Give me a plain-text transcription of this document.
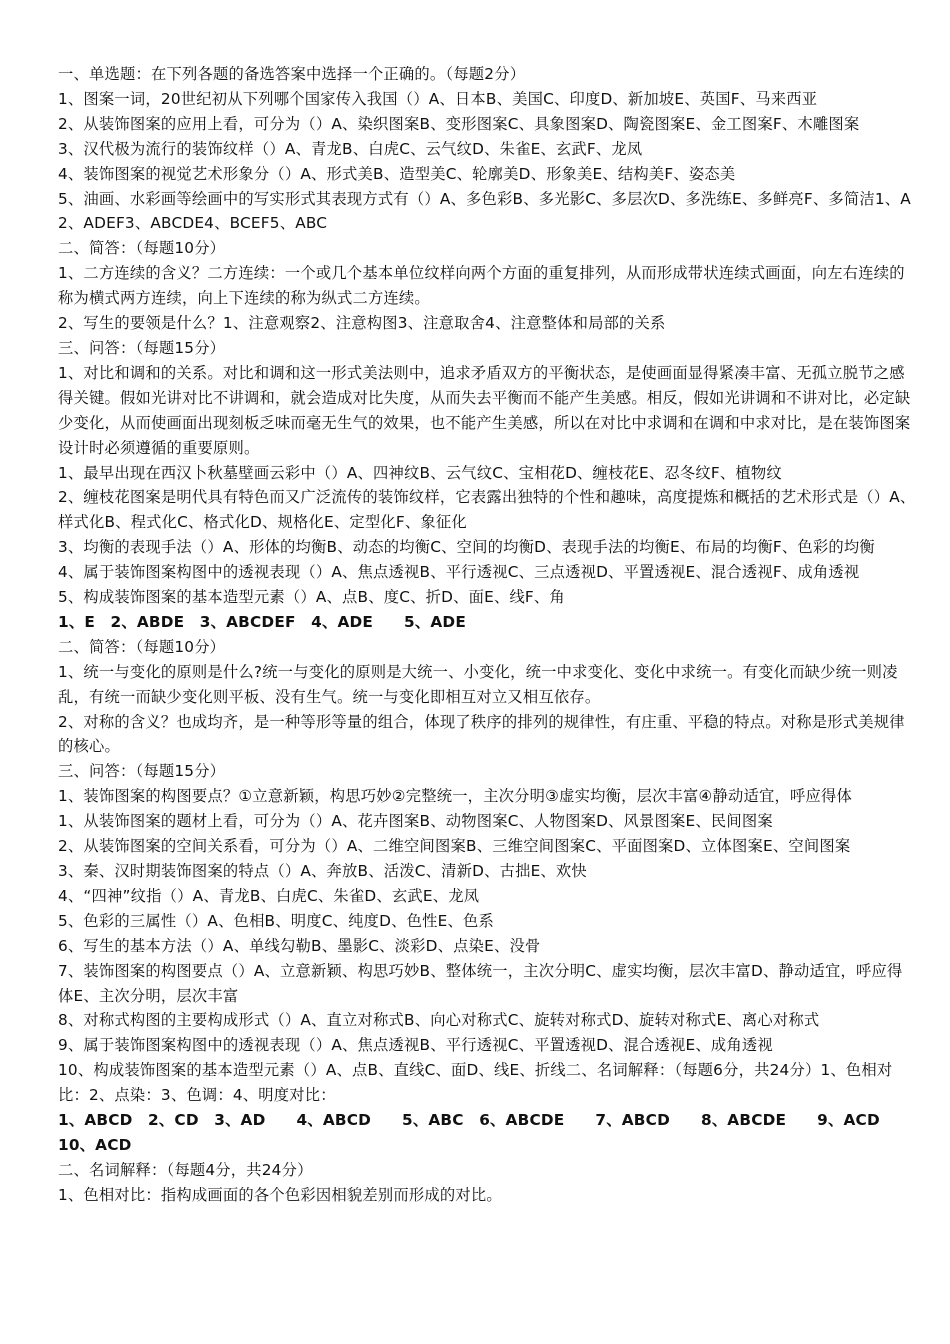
一、单选题：在下列各题的备选答案中选择一个正确的。（每题2分）

1、图案一词，20世纪初从下列哪个国家传入我国（）A、日本B、美国C、印度D、新加坡E、英国F、马来西亚

2、从装饰图案的应用上看，可分为（）A、染织图案B、变形图案C、具象图案D、陶瓷图案E、金工图案F、木雕图案

3、汉代极为流行的装饰纹样（）A、青龙B、白虎C、云气纹D、朱雀E、玄武F、龙凤

4、装饰图案的视觉艺术形象分（）A、形式美B、造型美C、轮廓美D、形象美E、结构美F、姿态美

5、油画、水彩画等绘画中的写实形式其表现方式有（）A、多色彩B、多光影C、多层次D、多洗练E、多鲜亮F、多简洁1、A2、ADEF3、ABCDE4、BCEF5、ABC

二、简答：（每题10分）

1、二方连续的含义？二方连续：一个或几个基本单位纹样向两个方面的重复排列，从而形成带状连续式画面，向左右连续的称为横式两方连续，向上下连续的称为纵式二方连续。

2、写生的要领是什么？1、注意观察2、注意构图3、注意取舍4、注意整体和局部的关系

三、问答：（每题15分）

1、对比和调和的关系。对比和调和这一形式美法则中，追求矛盾双方的平衡状态，是使画面显得紧凑丰富、无孤立脱节之感得关键。假如光讲对比不讲调和，就会造成对比失度，从而失去平衡而不能产生美感。相反，假如光讲调和不讲对比，必定缺少变化，从而使画面出现刻板乏味而毫无生气的效果，也不能产生美感，所以在对比中求调和在调和中求对比，是在装饰图案设计时必须遵循的重要原则。

1、最早出现在西汉卜秋墓壁画云彩中（）A、四神纹B、云气纹C、宝相花D、缠枝花E、忍冬纹F、植物纹

2、缠枝花图案是明代具有特色而又广泛流传的装饰纹样，它表露出独特的个性和趣味，高度提炼和概括的艺术形式是（）A、样式化B、程式化C、格式化D、规格化E、定型化F、象征化

3、均衡的表现手法（）A、形体的均衡B、动态的均衡C、空间的均衡D、表现手法的均衡E、布局的均衡F、色彩的均衡

4、属于装饰图案构图中的透视表现（）A、焦点透视B、平行透视C、三点透视D、平置透视E、混合透视F、成角透视

5、构成装饰图案的基本造型元素（）A、点B、度C、折D、面E、线F、角

1、E　2、ABDE　3、ABCDEF　4、ADE　　5、ADE

二、简答：（每题10分）

1、统一与变化的原则是什么?统一与变化的原则是大统一、小变化，统一中求变化、变化中求统一。有变化而缺少统一则凌乱，有统一而缺少变化则平板、没有生气。统一与变化即相互对立又相互依存。

2、对称的含义？也成均齐，是一种等形等量的组合，体现了秩序的排列的规律性，有庄重、平稳的特点。对称是形式美规律的核心。

三、问答：（每题15分）

1、装饰图案的构图要点？①立意新颖，构思巧妙②完整统一，主次分明③虚实均衡，层次丰富④静动适宜，呼应得体

1、从装饰图案的题材上看，可分为（）A、花卉图案B、动物图案C、人物图案D、风景图案E、民间图案

2、从装饰图案的空间关系看，可分为（）A、二维空间图案B、三维空间图案C、平面图案D、立体图案E、空间图案

3、秦、汉时期装饰图案的特点（）A、奔放B、活泼C、清新D、古拙E、欢快

4、“四神”纹指（）A、青龙B、白虎C、朱雀D、玄武E、龙凤

5、色彩的三属性（）A、色相B、明度C、纯度D、色性E、色系

6、写生的基本方法（）A、单线勾勒B、墨影C、淡彩D、点染E、没骨

7、装饰图案的构图要点（）A、立意新颖、构思巧妙B、整体统一，主次分明C、虚实均衡，层次丰富D、静动适宜，呼应得体E、主次分明，层次丰富

8、对称式构图的主要构成形式（）A、直立对称式B、向心对称式C、旋转对称式D、旋转对称式E、离心对称式

9、属于装饰图案构图中的透视表现（）A、焦点透视B、平行透视C、平置透视D、混合透视E、成角透视

10、构成装饰图案的基本造型元素（）A、点B、直线C、面D、线E、折线二、名词解释：（每题6分，共24分）1、色相对比：2、点染：3、色调：4、明度对比：

1、ABCD　2、CD　3、AD　　4、ABCD　　5、ABC　6、ABCDE　　7、ABCD　　8、ABCDE　　9、ACD　　10、ACD

二、名词解释：（每题4分，共24分）

1、色相对比：指构成画面的各个色彩因相貌差别而形成的对比。
